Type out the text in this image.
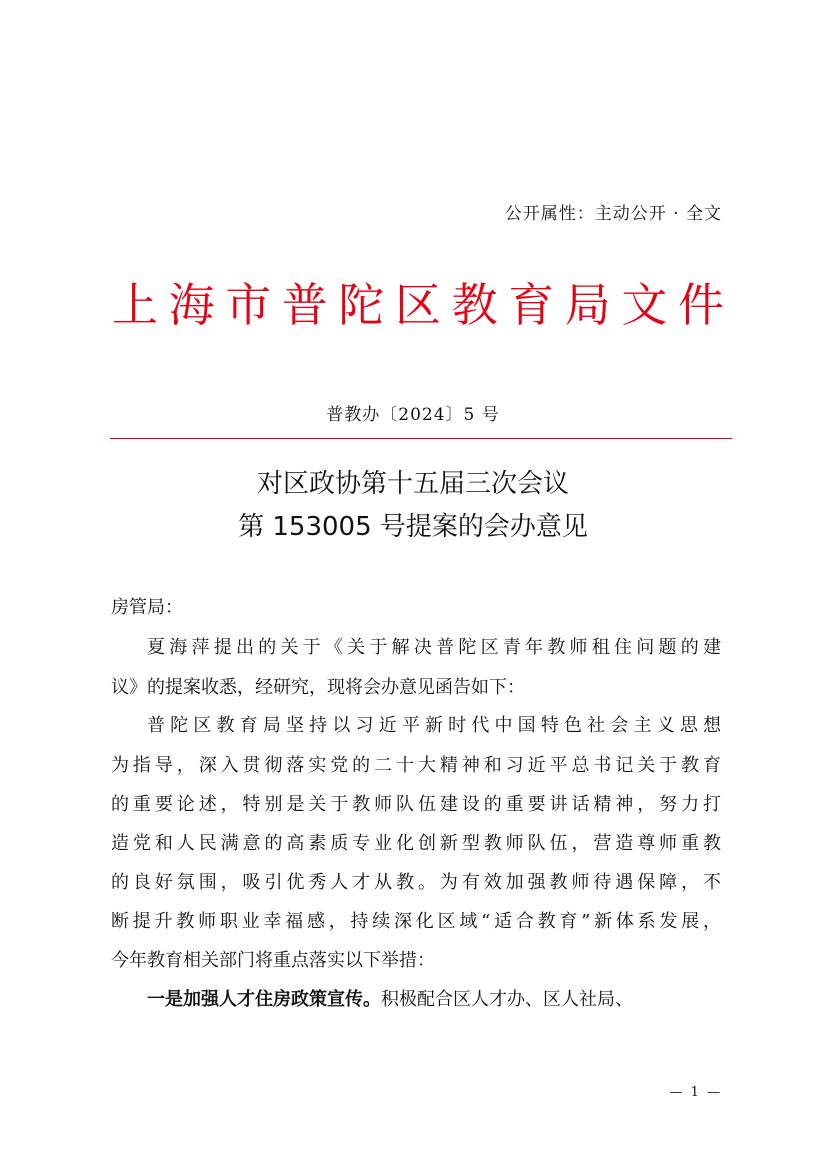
公开属性：主动公开 · 全文
上海市普陀区教育局文件
普教办〔2024〕5 号
对区政协第十五届三次会议
第 153005 号提案的会办意见
房管局：
夏海萍提出的关于《关于解决普陀区青年教师租住问题的建
议》的提案收悉，经研究，现将会办意见函告如下：
普陀区教育局坚持以习近平新时代中国特色社会主义思想
为指导，深入贯彻落实党的二十大精神和习近平总书记关于教育
的重要论述，特别是关于教师队伍建设的重要讲话精神，努力打
造党和人民满意的高素质专业化创新型教师队伍，营造尊师重教
的良好氛围，吸引优秀人才从教。为有效加强教师待遇保障，不
断提升教师职业幸福感，持续深化区域“适合教育”新体系发展，
今年教育相关部门将重点落实以下举措：
一是加强人才住房政策宣传。积极配合区人才办、区人社局、
— 1 —
